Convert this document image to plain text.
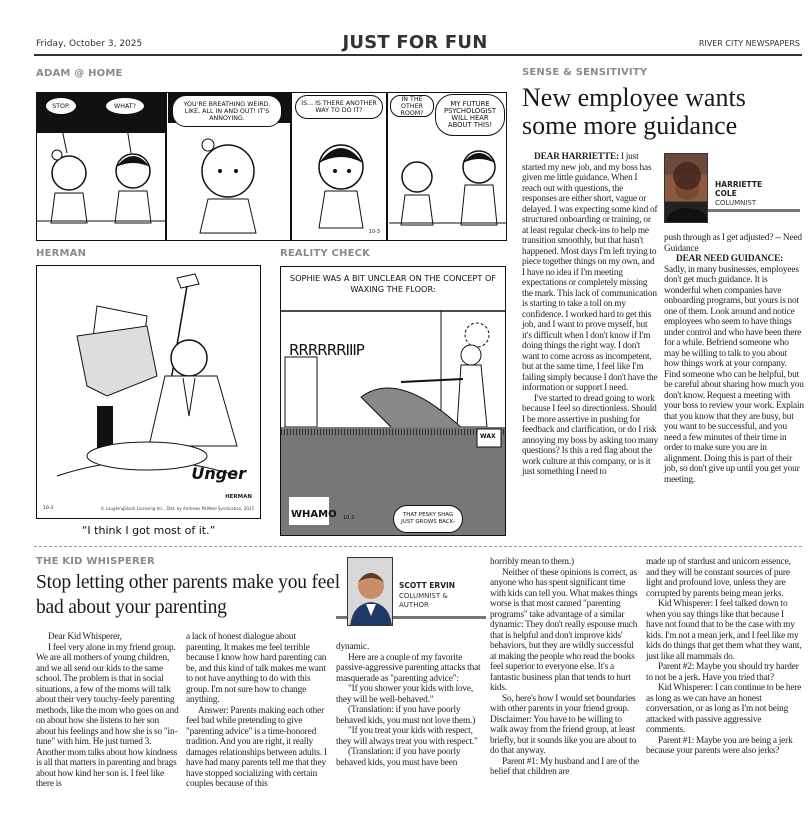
Friday, October 3, 2025	JUST FOR FUN	RIVER CITY NEWSPAPERS
ADAM @ HOME
STOP.	WHAT?	YOU'RE BREATHING WEIRD. LIKE, ALL IN AND OUT! IT'S ANNOYING.
IS... IS THERE ANOTHER WAY TO DO IT?
10-3
IN THE OTHER ROOM?
MY FUTURE PSYCHOLOGIST WILL HEAR ABOUT THIS!
HERMAN
Unger
HERMAN
10-3	© LaughingStock Licensing Inc., Dist. by Andrews McMeel Syndication, 2025
“I think I got most of it.”
REALITY CHECK
SOPHIE WAS A BIT UNCLEAR ON THE CONCEPT OF WAXING THE FLOOR:
RRRRRRIIIP
WAX
THAT PESKY SHAG JUST GROWS BACK-
WHAMO 10-3
SENSE & SENSITIVITY
New employee wants some more guidance

DEAR HARRIETTE: I just started my new job, and my boss has given me little guidance. When I reach out with questions, the responses are either short, vague or delayed. I was expecting some kind of structured onboarding or training, or at least regular check-ins to help me transition smoothly, but that hasn't happened. Most days I'm left trying to piece together things on my own, and I have no idea if I'm meeting expectations or completely missing the mark. This lack of communication is starting to take a toll on my confidence. I worked hard to get this job, and I want to prove myself, but it's difficult when I don't know if I'm doing things the right way. I don't want to come across as incompetent, but at the same time, I feel like I'm failing simply because I don't have the information or support I need.

I've started to dread going to work because I feel so directionless. Should I be more assertive in pushing for feedback and clarification, or do I risk annoying my boss by asking too many questions? Is this a red flag about the work culture at this company, or is it just something I need to

HARRIETTE COLE
COLUMNIST

push through as I get adjusted? -- Need Guidance

DEAR NEED GUIDANCE: Sadly, in many businesses, employees don't get much guidance. It is wonderful when companies have onboarding programs, but yours is not one of them. Look around and notice employees who seem to have things under control and who have been there for a while. Befriend someone who may be willing to talk to you about how things work at your company. Find someone who can be helpful, but be careful about sharing how much you don't know. Request a meeting with your boss to review your work. Explain that you know that they are busy, but you want to be successful, and you need a few minutes of their time in order to make sure you are in alignment. Doing this is part of their job, so don't give up until you get your meeting.

THE KID WHISPERER
Stop letting other parents make you feel bad about your parenting

Dear Kid Whisperer,

I feel very alone in my friend group. We are all mothers of young children, and we all send our kids to the same school. The problem is that in social situations, a few of the moms will talk about their very touchy-feely parenting methods, like the mom who goes on and on about how she listens to her son about his feelings and how she is so "in-tune" with him. He just turned 3. Another mom talks about how kindness is all that matters in parenting and brags about how kind her son is. I feel like there is

a lack of honest dialogue about parenting. It makes me feel terrible because I know how hard parenting can be, and this kind of talk makes me want to not have anything to do with this group. I'm not sure how to change anything.

Answer: Parents making each other feel bad while pretending to give "parenting advice" is a time-honored tradition. And you are right, it really damages relationships between adults. I have had many parents tell me that they have stopped socializing with certain couples because of this

SCOTT ERVIN
COLUMNIST & AUTHOR

dynamic.

Here are a couple of my favorite passive-aggressive parenting attacks that masquerade as "parenting advice":

"If you shower your kids with love, they will be well-behaved."

(Translation: if you have poorly behaved kids, you must not love them.)

"If you treat your kids with respect, they will always treat you with respect."

(Translation: if you have poorly behaved kids, you must have been

horribly mean to them.)

Neither of these opinions is correct, as anyone who has spent significant time with kids can tell you. What makes things worse is that most canned "parenting programs" take advantage of a similar dynamic: They don't really espouse much that is helpful and don't improve kids' behaviors, but they are wildly successful at making the people who read the books feel superior to everyone else. It's a fantastic business plan that tends to hurt kids.

So, here's how I would set boundaries with other parents in your friend group. Disclaimer: You have to be willing to walk away from the friend group, at least briefly, but it sounds like you are about to do that anyway.

Parent #1: My husband and I are of the belief that children are

made up of stardust and unicorn essence, and they will be constant sources of pure light and profound love, unless they are corrupted by parents being mean jerks.

Kid Whisperer: I feel talked down to when you say things like that because I have not found that to be the case with my kids. I'm not a mean jerk, and I feel like my kids do things that get them what they want, just like all mammals do.

Parent #2: Maybe you should try harder to not be a jerk. Have you tried that?

Kid Whisperer: I can continue to be here as long as we can have an honest conversation, or as long as I'm not being attacked with passive aggressive comments.

Parent #1: Maybe you are being a jerk because your parents were also jerks?
